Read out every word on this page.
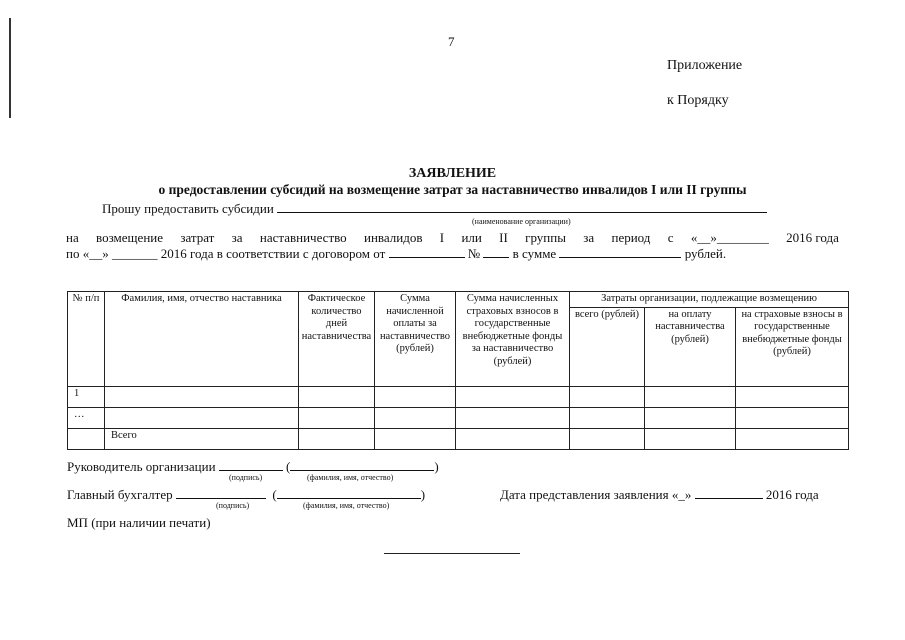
7
Приложение
к Порядку
ЗАЯВЛЕНИЕ
о предоставлении субсидий на возмещение затрат за наставничество инвалидов I или II группы
Прошу предоставить субсидии
(наименование организации)
на возмещение затрат за наставничество инвалидов I или II группы за период с «__»________ 2016 года
по «__» _______ 2016 года в соответствии с договором от	№	в сумме	рублей.
№ п/п	Фамилия, имя, отчество наставника	Фактическое количество дней наставничества	Сумма начисленной оплаты за наставничество (рублей)	Сумма начисленных страховых взносов в государственные внебюджетные фонды за наставничество (рублей)	Затраты организации, подлежащие возмещению		
					всего (рублей)	на оплату наставничества (рублей)	на страховые взносы в государственные внебюджетные фонды (рублей)
1							
…							
	Всего						
Руководитель организации	(	)
(подпись)	(фамилия, имя, отчество)
Главный бухгалтер	(	)
(подпись)	(фамилия, имя, отчество)
Дата представления заявления «_»	2016 года
МП (при наличии печати)
